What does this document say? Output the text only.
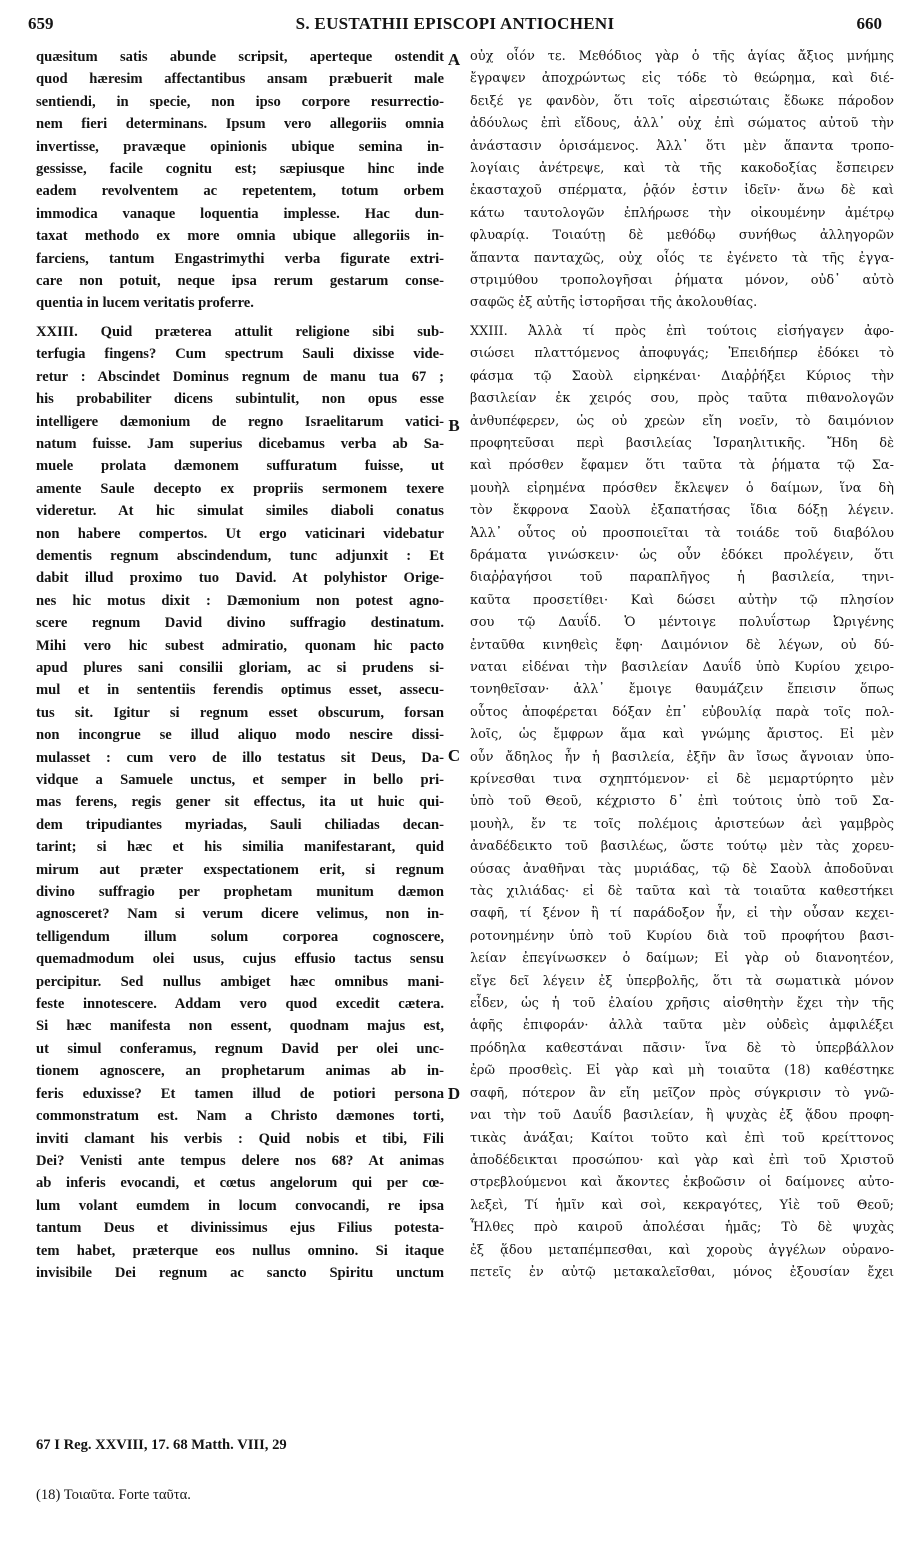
659	S. EUSTATHII EPISCOPI ANTIOCHENI	660
quæsitum satis abunde scripsit, aperteque ostendit
quod hæresim affectantibus ansam præbuerit male
sentiendi, in specie, non ipso corpore resurrectio-
nem fieri determinans. Ipsum vero allegoriis omnia
invertisse, pravæque opinionis ubique semina in-
gessisse, facile cognitu est; sæpiusque hinc inde
eadem revolventem ac repetentem, totum orbem
immodica vanaque loquentia implesse. Hac dun-
taxat methodo ex more omnia ubique allegoriis in-
farciens, tantum Engastrimythi verba figurate extri-
care non potuit, neque ipsa rerum gestarum conse-
quentia in lucem veritatis proferre.
XXIII. Quid præterea attulit religione sibi sub-
terfugia fingens? Cum spectrum Sauli dixisse vide-
retur : Abscindet Dominus regnum de manu tua 67 ;
his probabiliter dicens subintulit, non opus esse
intelligere dæmonium de regno Israelitarum vatici-
natum fuisse. Jam superius dicebamus verba ab Sa-
muele prolata dæmonem suffuratum fuisse, ut
amente Saule decepto ex propriis sermonem texere
videretur. At hic simulat similes diaboli conatus
non habere compertos. Ut ergo vaticinari videbatur
dementis regnum abscindendum, tunc adjunxit : Et
dabit illud proximo tuo David. At polyhistor Orige-
nes hic motus dixit : Dæmonium non potest agno-
scere regnum David divino suffragio destinatum.
Mihi vero hic subest admiratio, quonam hic pacto
apud plures sani consilii gloriam, ac si prudens si-
mul et in sententiis ferendis optimus esset, assecu-
tus sit. Igitur si regnum esset obscurum, forsan
non incongrue se illud aliquo modo nescire dissi-
mulasset : cum vero de illo testatus sit Deus, Da-
vidque a Samuele unctus, et semper in bello pri-
mas ferens, regis gener sit effectus, ita ut huic qui-
dem tripudiantes myriadas, Sauli chiliadas decan-
tarint; si hæc et his similia manifestarant, quid
mirum aut præter exspectationem erit, si regnum
divino suffragio per prophetam munitum dæmon
agnosceret? Nam si verum dicere velimus, non in-
telligendum illum solum corporea cognoscere,
quemadmodum olei usus, cujus effusio tactus sensu
percipitur. Sed nullus ambiget hæc omnibus mani-
feste innotescere. Addam vero quod excedit cætera.
Si hæc manifesta non essent, quodnam majus est,
ut simul conferamus, regnum David per olei unc-
tionem agnoscere, an prophetarum animas ab in-
feris eduxisse? Et tamen illud de potiori persona
commonstratum est. Nam a Christo dæmones torti,
inviti clamant his verbis : Quid nobis et tibi, Fili
Dei? Venisti ante tempus delere nos 68? At animas
ab inferis evocandi, et cœtus angelorum qui per cœ-
lum volant eumdem in locum convocandi, re ipsa
tantum Deus et divinissimus ejus Filius potesta-
tem habet, præterque eos nullus omnino. Si itaque
invisibile Dei regnum ac sancto Spiritu unctum
οὐχ οἷόν τε. Μεθόδιος γὰρ ὁ τῆς ἁγίας ἄξιος μνήμης
ἔγραψεν ἀποχρώντως εἰς τόδε τὸ θεώρημα, καὶ διέ-
δειξέ γε φανδὸν, ὅτι τοῖς αἱρεσιώταις ἔδωκε πάροδον
ἀδόυλως ἐπὶ εἴδους, ἀλλ᾽ οὐχ ἐπὶ σώματος αὐτοῦ τὴν
ἀνάστασιν ὁρισάμενος. Ἀλλ᾽ ὅτι μὲν ἅπαντα τροπο-
λογίαις ἀνέτρεψε, καὶ τὰ τῆς κακοδοξίας ἔσπειρεν
ἑκασταχοῦ σπέρματα, ῥᾷόν ἐστιν ἰδεῖν· ἄνω δὲ καὶ
κάτω ταυτολογῶν ἐπλήρωσε τὴν οἰκουμένην ἀμέτρῳ
φλυαρίᾳ. Τοιαύτῃ δὲ μεθόδῳ συνήθως ἀλληγορῶν
ἅπαντα πανταχῶς, οὐχ οἷός τε ἐγένετο τὰ τῆς ἐγγα-
στριμύθου τροπολογῆσαι ῥήματα μόνον, οὐδ᾽ αὐτὸ
σαφῶς ἐξ αὐτῆς ἱστορῆσαι τῆς ἀκολουθίας.
ΧΧΙΙΙ. Ἀλλὰ τί πρὸς ἐπὶ τούτοις εἰσήγαγεν ἀφο-
σιώσει πλαττόμενος ἀποφυγάς; Ἐπειδήπερ ἐδόκει τὸ
φάσμα τῷ Σαοὺλ εἰρηκέναι· Διαῤῥήξει Κύριος τὴν
βασιλείαν ἐκ χειρός σου, πρὸς ταῦτα πιθανολογῶν
ἀνθυπέφερεν, ὡς οὐ χρεὼν εἴη νοεῖν, τὸ δαιμόνιον
προφητεῦσαι περὶ βασιλείας Ἰσραηλιτικῆς. Ἤδη δὲ
καὶ πρόσθεν ἔφαμεν ὅτι ταῦτα τὰ ῥήματα τῷ Σα-
μουὴλ εἰρημένα πρόσθεν ἔκλεψεν ὁ δαίμων, ἵνα δὴ
τὸν ἔκφρονα Σαοὺλ ἐξαπατήσας ἴδια δόξῃ λέγειν.
Ἀλλ᾽ οὗτος οὐ προσποιεῖται τὰ τοιάδε τοῦ διαβόλου
δράματα γινώσκειν· ὡς οὖν ἐδόκει προλέγειν, ὅτι
διαῤῥαγήσοι τοῦ παραπλῆγος ἡ βασιλεία, τηνι-
καῦτα προσετίθει· Καὶ δώσει αὐτὴν τῷ πλησίον
σου τῷ Δαυΐδ. Ὁ μέντοιγε πολυΐστωρ Ὠριγένης
ἐνταῦθα κινηθεὶς ἔφη· Δαιμόνιον δὲ λέγων, οὐ δύ-
ναται εἰδέναι τὴν βασιλείαν Δαυΐδ ὑπὸ Κυρίου χειρο-
τονηθεῖσαν· ἀλλ᾽ ἔμοιγε θαυμάζειν ἔπεισιν ὅπως
οὗτος ἀποφέρεται δόξαν ἐπ᾽ εὐβουλίᾳ παρὰ τοῖς πολ-
λοῖς, ὡς ἔμφρων ἅμα καὶ γνώμης ἄριστος. Εἰ μὲν
οὖν ἄδηλος ἦν ἡ βασιλεία, ἐξῆν ἂν ἴσως ἄγνοιαν ὑπο-
κρίνεσθαι τινα σχηπτόμενον· εἰ δὲ μεμαρτύρητο μὲν
ὑπὸ τοῦ Θεοῦ, κέχριστο δ᾽ ἐπὶ τούτοις ὑπὸ τοῦ Σα-
μουὴλ, ἔν τε τοῖς πολέμοις ἀριστεύων ἀεὶ γαμβρὸς
ἀναδέδεικτο τοῦ βασιλέως, ὥστε τούτῳ μὲν τὰς χορευ-
ούσας ἀναθῆναι τὰς μυριάδας, τῷ δὲ Σαοὺλ ἀποδοῦναι
τὰς χιλιάδας· εἰ δὲ ταῦτα καὶ τὰ τοιαῦτα καθεστήκει
σαφῆ, τί ξένον ἢ τί παράδοξον ἦν, εἰ τὴν οὖσαν κεχει-
ροτονημένην ὑπὸ τοῦ Κυρίου διὰ τοῦ προφήτου βασι-
λείαν ἐπεγίνωσκεν ὁ δαίμων; Εἰ γὰρ οὐ διανοητέον,
εἴγε δεῖ λέγειν ἐξ ὑπερβολῆς, ὅτι τὰ σωματικὰ μόνον
εἶδεν, ὡς ἡ τοῦ ἐλαίου χρῆσις αἰσθητὴν ἔχει τὴν τῆς
ἁφῆς ἐπιφοράν· ἀλλὰ ταῦτα μὲν οὐδεὶς ἀμφιλέξει
πρόδηλα καθεστάναι πᾶσιν· ἵνα δὲ τὸ ὑπερβάλλον
ἐρῶ προσθεὶς. Εἰ γὰρ καὶ μὴ τοιαῦτα (18) καθέστηκε
σαφῆ, πότερον ἂν εἴη μεῖζον πρὸς σύγκρισιν τὸ γνῶ-
ναι τὴν τοῦ Δαυΐδ βασιλείαν, ἢ ψυχὰς ἐξ ᾅδου προφη-
τικὰς ἀνάξαι; Καίτοι τοῦτο καὶ ἐπὶ τοῦ κρείττονος
ἀποδέδεικται προσώπου· καὶ γὰρ καὶ ἐπὶ τοῦ Χριστοῦ
στρεβλούμενοι καὶ ἄκοντες ἐκβοῶσιν οἱ δαίμονες αὐτο-
λεξεὶ, Τί ἡμῖν καὶ σοὶ, κεκραγότες, Υἱὲ τοῦ Θεοῦ;
Ἦλθες πρὸ καιροῦ ἀπολέσαι ἡμᾶς; Τὸ δὲ ψυχὰς
ἐξ ᾅδου μεταπέμπεσθαι, καὶ χοροὺς ἀγγέλων οὐρανο-
πετεῖς ἐν αὐτῷ μετακαλεῖσθαι, μόνος ἐξουσίαν ἔχει
A
B
C
D
67 I Reg. XXVIII, 17. 68 Matth. VIII, 29
(18) Τοιαῦτα. Forte ταῦτα.
